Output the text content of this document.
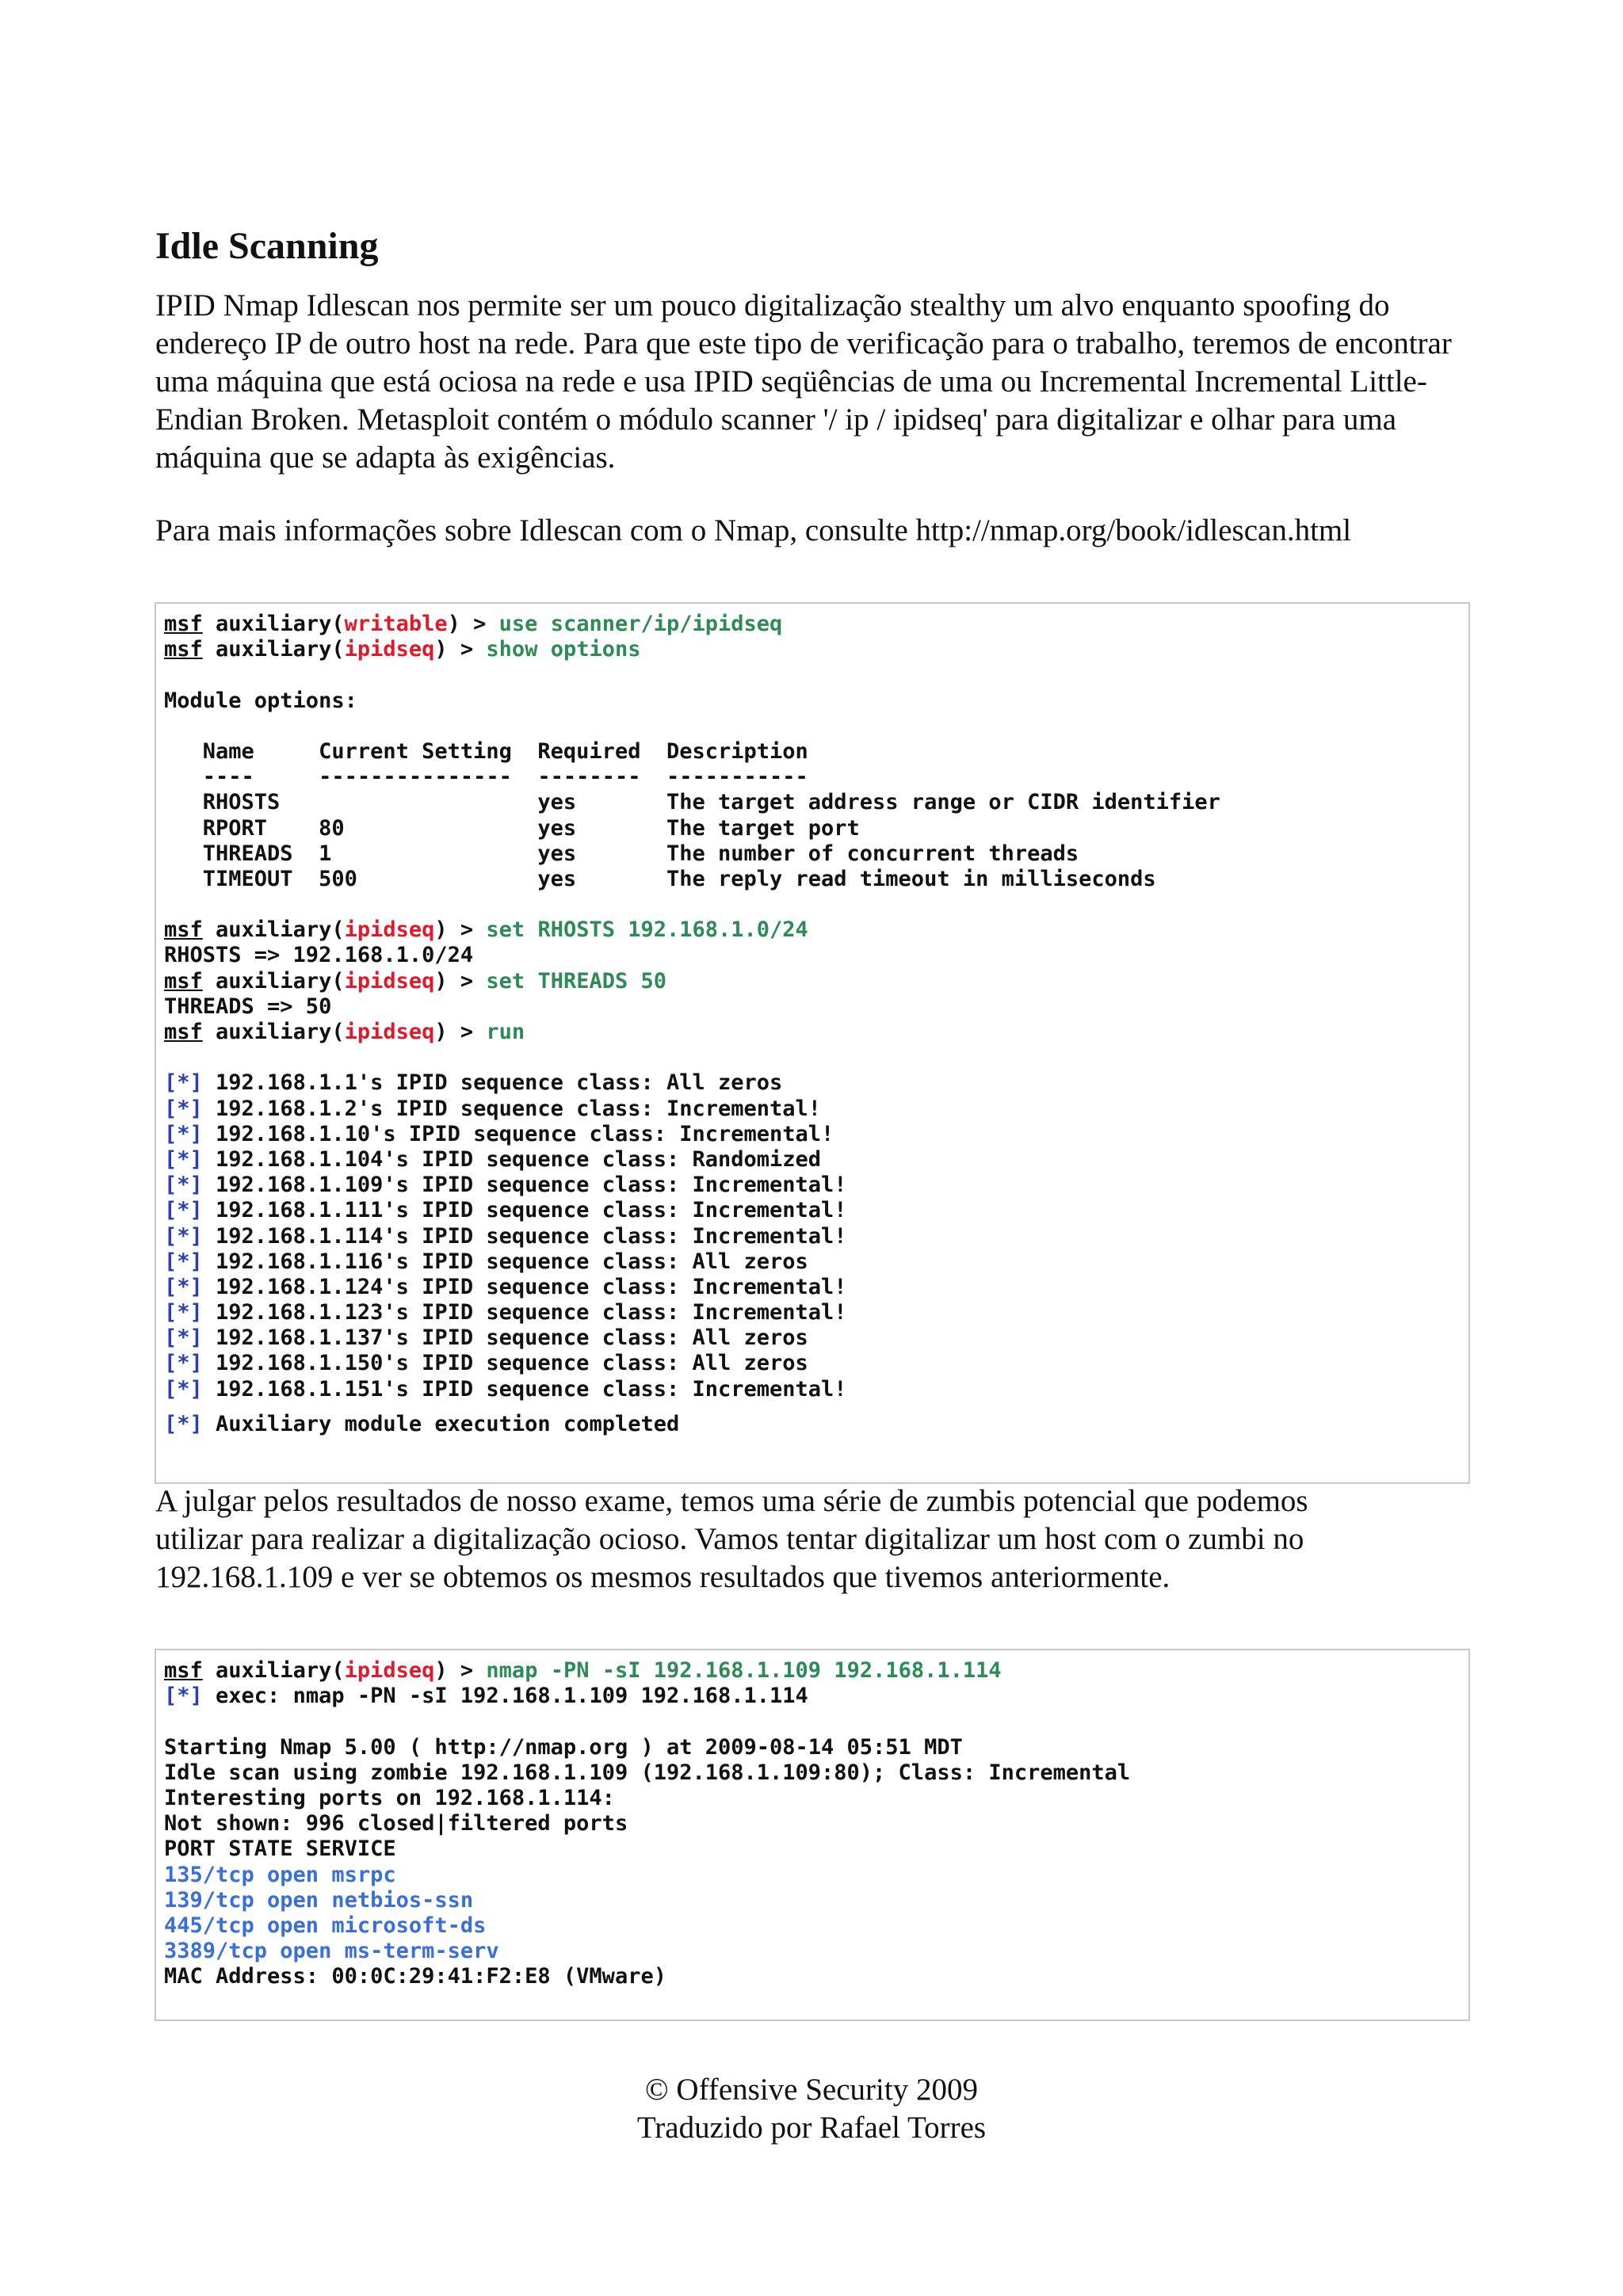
Idle Scanning

IPID Nmap Idlescan nos permite ser um pouco digitalização stealthy um alvo enquanto spoofing do endereço IP de outro host na rede. Para que este tipo de verificação para o trabalho, teremos de encontrar uma máquina que está ociosa na rede e usa IPID seqüências de uma ou Incremental Incremental Little-Endian Broken. Metasploit contém o módulo scanner '/ ip / ipidseq' para digitalizar e olhar para uma máquina que se adapta às exigências.

Para mais informações sobre Idlescan com o Nmap, consulte http://nmap.org/book/idlescan.html

msf auxiliary(writable) > use scanner/ip/ipidseq
msf auxiliary(ipidseq) > show options
Module options:
Name     Current Setting  Required  Description
----     ---------------  --------  -----------
RHOSTS                    yes       The target address range or CIDR identifier
RPORT    80               yes       The target port
THREADS  1                yes       The number of concurrent threads
TIMEOUT  500              yes       The reply read timeout in milliseconds
msf auxiliary(ipidseq) > set RHOSTS 192.168.1.0/24
RHOSTS => 192.168.1.0/24
msf auxiliary(ipidseq) > set THREADS 50
THREADS => 50
msf auxiliary(ipidseq) > run
[*] 192.168.1.1's IPID sequence class: All zeros
[*] 192.168.1.2's IPID sequence class: Incremental!
[*] 192.168.1.10's IPID sequence class: Incremental!
[*] 192.168.1.104's IPID sequence class: Randomized
[*] 192.168.1.109's IPID sequence class: Incremental!
[*] 192.168.1.111's IPID sequence class: Incremental!
[*] 192.168.1.114's IPID sequence class: Incremental!
[*] 192.168.1.116's IPID sequence class: All zeros
[*] 192.168.1.124's IPID sequence class: Incremental!
[*] 192.168.1.123's IPID sequence class: Incremental!
[*] 192.168.1.137's IPID sequence class: All zeros
[*] 192.168.1.150's IPID sequence class: All zeros
[*] 192.168.1.151's IPID sequence class: Incremental!
[*] Auxiliary module execution completed

A julgar pelos resultados de nosso exame, temos uma série de zumbis potencial que podemos utilizar para realizar a digitalização ocioso. Vamos tentar digitalizar um host com o zumbi no 192.168.1.109 e ver se obtemos os mesmos resultados que tivemos anteriormente.

msf auxiliary(ipidseq) > nmap -PN -sI 192.168.1.109 192.168.1.114
[*] exec: nmap -PN -sI 192.168.1.109 192.168.1.114
Starting Nmap 5.00 ( http://nmap.org ) at 2009-08-14 05:51 MDT
Idle scan using zombie 192.168.1.109 (192.168.1.109:80); Class: Incremental
Interesting ports on 192.168.1.114:
Not shown: 996 closed|filtered ports
PORT STATE SERVICE
135/tcp open msrpc
139/tcp open netbios-ssn
445/tcp open microsoft-ds
3389/tcp open ms-term-serv
MAC Address: 00:0C:29:41:F2:E8 (VMware)
© Offensive Security 2009
Traduzido por Rafael Torres
